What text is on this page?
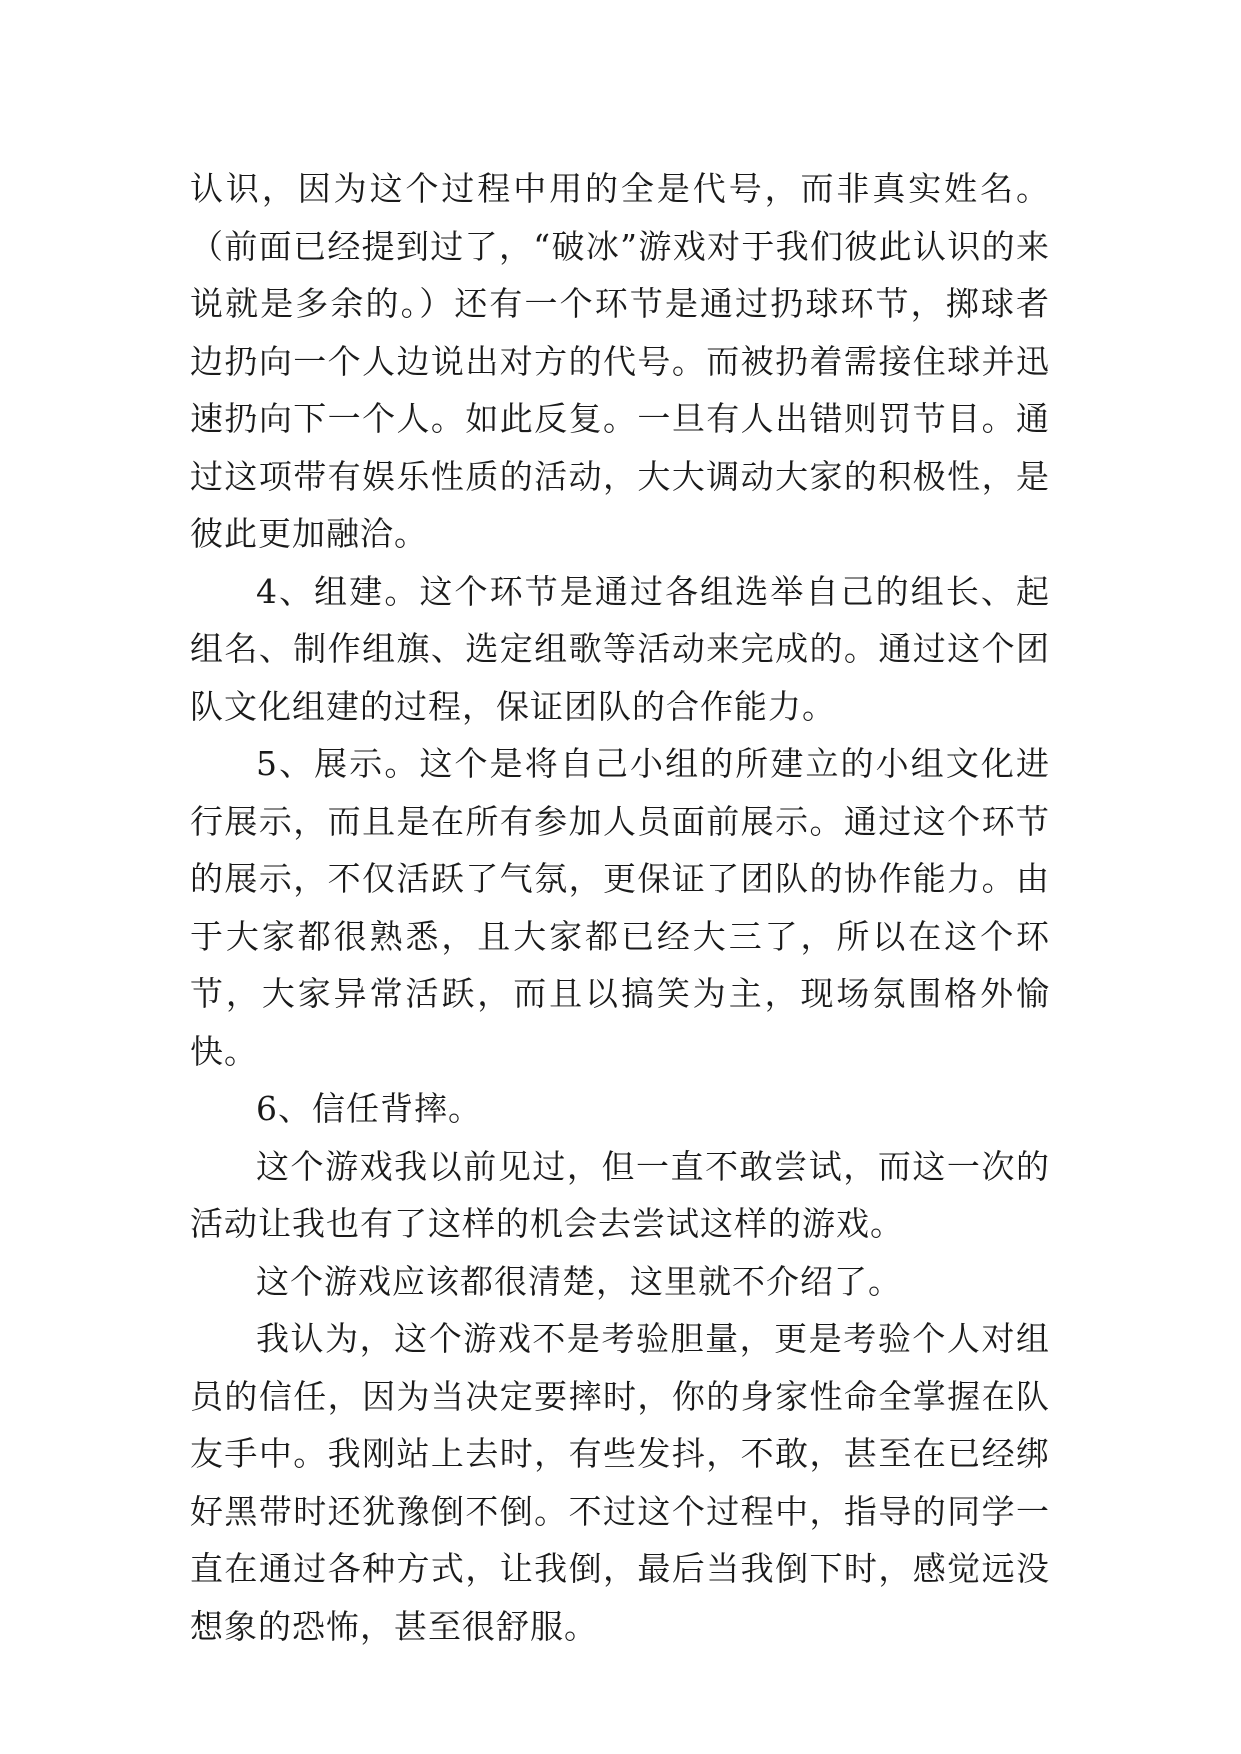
认识，因为这个过程中用的全是代号，而非真实姓名。（前面已经提到过了，“破冰”游戏对于我们彼此认识的来说就是多余的。）还有一个环节是通过扔球环节，掷球者边扔向一个人边说出对方的代号。而被扔着需接住球并迅速扔向下一个人。如此反复。一旦有人出错则罚节目。通过这项带有娱乐性质的活动，大大调动大家的积极性，是彼此更加融洽。

4、组建。这个环节是通过各组选举自己的组长、起组名、制作组旗、选定组歌等活动来完成的。通过这个团队文化组建的过程，保证团队的合作能力。

5、展示。这个是将自己小组的所建立的小组文化进行展示，而且是在所有参加人员面前展示。通过这个环节的展示，不仅活跃了气氛，更保证了团队的协作能力。由于大家都很熟悉，且大家都已经大三了，所以在这个环节，大家异常活跃，而且以搞笑为主，现场氛围格外愉快。

6、信任背摔。

这个游戏我以前见过，但一直不敢尝试，而这一次的活动让我也有了这样的机会去尝试这样的游戏。

这个游戏应该都很清楚，这里就不介绍了。

我认为，这个游戏不是考验胆量，更是考验个人对组员的信任，因为当决定要摔时，你的身家性命全掌握在队友手中。我刚站上去时，有些发抖，不敢，甚至在已经绑好黑带时还犹豫倒不倒。不过这个过程中，指导的同学一直在通过各种方式，让我倒，最后当我倒下时，感觉远没想象的恐怖，甚至很舒服。
